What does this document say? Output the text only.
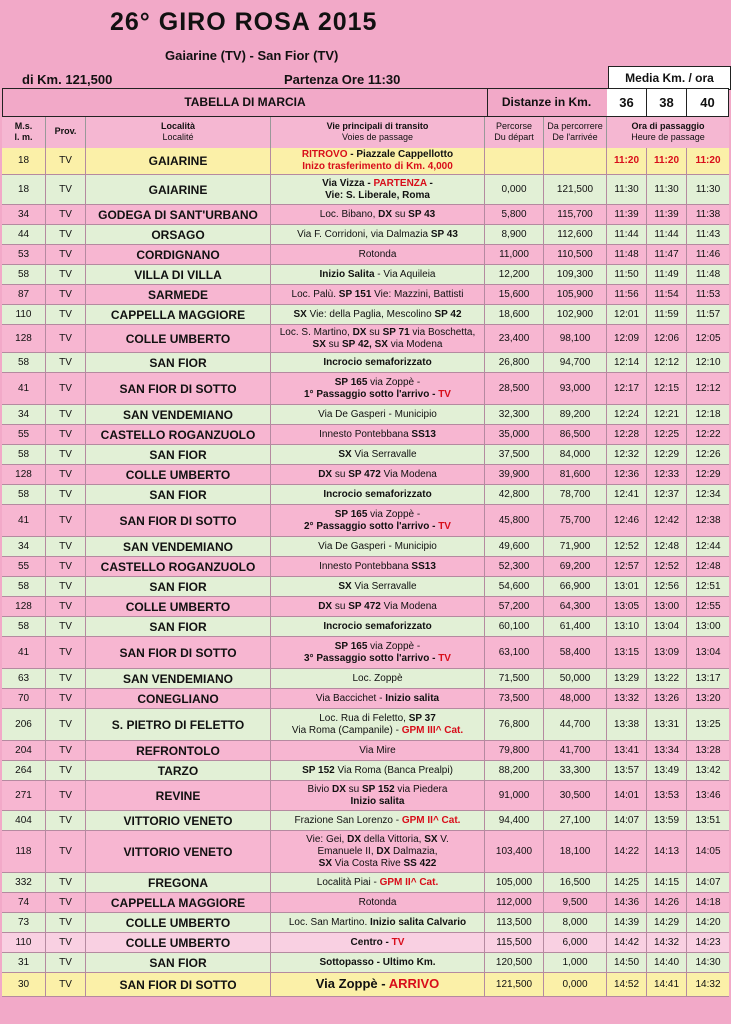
26° GIRO ROSA 2015
Gaiarine (TV) - San Fior (TV)
di Km. 121,500	Partenza Ore 11:30	Media Km. / ora
TABELLA DI MARCIA	Distanze in Km.	36	38	40
M.s.
l. m.
Prov.	Località
Localité
Vie principali di transito
Voies de passage
Percorse
Du départ
Da percorrere
De l'arrivée
Ora di passaggio
Heure de passage
18	TV	GAIARINE	RITROVO - Piazzale Cappellotto
Inizo trasferimento di Km. 4,000
11:20	11:20	11:20
18	TV	GAIARINE	Via Vizza - PARTENZA -
Vie: S. Liberale, Roma
0,000	121,500	11:30	11:30	11:30
34	TV	GODEGA DI SANT'URBANO	Loc. Bibano, DX su SP 43	5,800	115,700	11:39	11:39	11:38
44	TV	ORSAGO	Via F. Corridoni, via Dalmazia SP 43	8,900	112,600	11:44	11:44	11:43
53	TV	CORDIGNANO	Rotonda	11,000	110,500	11:48	11:47	11:46
58	TV	VILLA DI VILLA	Inizio Salita - Via Aquileia	12,200	109,300	11:50	11:49	11:48
87	TV	SARMEDE	Loc. Palù. SP 151 Vie: Mazzini, Battisti	15,600	105,900	11:56	11:54	11:53
110	TV	CAPPELLA MAGGIORE	SX Vie: della Paglia, Mescolino SP 42	18,600	102,900	12:01	11:59	11:57
128	TV	COLLE UMBERTO	Loc. S. Martino, DX su SP 71 via Boschetta,
SX su SP 42, SX via Modena
23,400	98,100	12:09	12:06	12:05
58	TV	SAN FIOR	Incrocio semaforizzato	26,800	94,700	12:14	12:12	12:10
41	TV	SAN FIOR DI SOTTO	SP 165 via Zoppè -
1° Passaggio sotto l'arrivo - TV
28,500	93,000	12:17	12:15	12:12
34	TV	SAN VENDEMIANO	Via De Gasperi - Municipio	32,300	89,200	12:24	12:21	12:18
55	TV	CASTELLO ROGANZUOLO	Innesto Pontebbana SS13	35,000	86,500	12:28	12:25	12:22
58	TV	SAN FIOR	SX Via Serravalle	37,500	84,000	12:32	12:29	12:26
128	TV	COLLE UMBERTO	DX su SP 472 Via Modena	39,900	81,600	12:36	12:33	12:29
58	TV	SAN FIOR	Incrocio semaforizzato	42,800	78,700	12:41	12:37	12:34
41	TV	SAN FIOR DI SOTTO	SP 165 via Zoppè -
2° Passaggio sotto l'arrivo - TV
45,800	75,700	12:46	12:42	12:38
34	TV	SAN VENDEMIANO	Via De Gasperi - Municipio	49,600	71,900	12:52	12:48	12:44
55	TV	CASTELLO ROGANZUOLO	Innesto Pontebbana SS13	52,300	69,200	12:57	12:52	12:48
58	TV	SAN FIOR	SX Via Serravalle	54,600	66,900	13:01	12:56	12:51
128	TV	COLLE UMBERTO	DX su SP 472 Via Modena	57,200	64,300	13:05	13:00	12:55
58	TV	SAN FIOR	Incrocio semaforizzato	60,100	61,400	13:10	13:04	13:00
41	TV	SAN FIOR DI SOTTO	SP 165 via Zoppè -
3° Passaggio sotto l'arrivo - TV
63,100	58,400	13:15	13:09	13:04
63	TV	SAN VENDEMIANO	Loc. Zoppè	71,500	50,000	13:29	13:22	13:17
70	TV	CONEGLIANO	Via Baccichet - Inizio salita	73,500	48,000	13:32	13:26	13:20
206	TV	S. PIETRO DI FELETTO	Loc. Rua di Feletto, SP 37
Via Roma (Campanile) - GPM III^ Cat.
76,800	44,700	13:38	13:31	13:25
204	TV	REFRONTOLO	Via Mire	79,800	41,700	13:41	13:34	13:28
264	TV	TARZO	SP 152 Via Roma (Banca Prealpi)	88,200	33,300	13:57	13:49	13:42
271	TV	REVINE	Bivio DX su SP 152 via Piedera
Inizio salita
91,000	30,500	14:01	13:53	13:46
404	TV	VITTORIO VENETO	Frazione San Lorenzo - GPM II^ Cat.	94,400	27,100	14:07	13:59	13:51
118	TV	VITTORIO VENETO
Vie: Gei, DX della Vittoria, SX V.
Emanuele II, DX Dalmazia,
SX Via Costa Rive SS 422
103,400	18,100	14:22	14:13	14:05
332	TV	FREGONA	Località Piai - GPM II^ Cat.	105,000	16,500	14:25	14:15	14:07
74	TV	CAPPELLA MAGGIORE	Rotonda	112,000	9,500	14:36	14:26	14:18
73	TV	COLLE UMBERTO	Loc. San Martino. Inizio salita Calvario	113,500	8,000	14:39	14:29	14:20
110	TV	COLLE UMBERTO	Centro - TV	115,500	6,000	14:42	14:32	14:23
31	TV	SAN FIOR	Sottopasso - Ultimo Km.	120,500	1,000	14:50	14:40	14:30
30	TV	SAN FIOR DI SOTTO	Via Zoppè - ARRIVO	121,500	0,000	14:52	14:41	14:32
